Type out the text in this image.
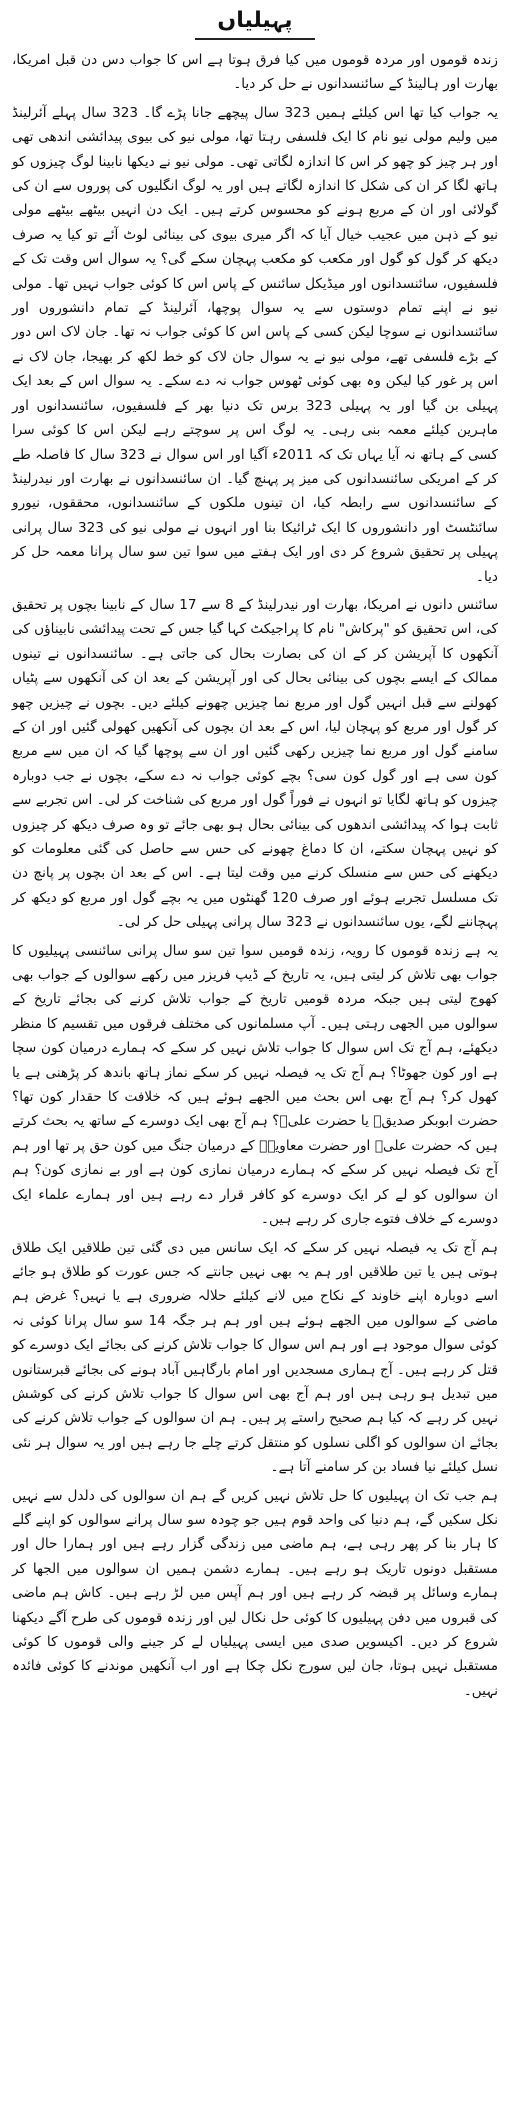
پہیلیاں

زندہ قوموں اور مردہ قوموں میں کیا فرق ہوتا ہے اس کا جواب دس دن قبل امریکا، بھارت اور ہالینڈ کے سائنسدانوں نے حل کر دیا۔

یہ جواب کیا تھا اس کیلئے ہمیں 323 سال پیچھے جانا پڑے گا۔ 323 سال پہلے آئرلینڈ میں ولیم مولی نیو نام کا ایک فلسفی رہتا تھا، مولی نیو کی بیوی پیدائشی اندھی تھی اور ہر چیز کو چھو کر اس کا اندازہ لگاتی تھی۔ مولی نیو نے دیکھا نابینا لوگ چیزوں کو ہاتھ لگا کر ان کی شکل کا اندازہ لگاتے ہیں اور یہ لوگ انگلیوں کی پوروں سے ان کی گولائی اور ان کے مربع ہونے کو محسوس کرتے ہیں۔ ایک دن انہیں بیٹھے بیٹھے مولی نیو کے ذہن میں عجیب خیال آیا کہ اگر میری بیوی کی بینائی لوٹ آئے تو کیا یہ صرف دیکھ کر گول کو گول اور مکعب کو مکعب پہچان سکے گی؟ یہ سوال اس وقت تک کے فلسفیوں، سائنسدانوں اور میڈیکل سائنس کے پاس اس کا کوئی جواب نہیں تھا۔ مولی نیو نے اپنے تمام دوستوں سے یہ سوال پوچھا، آئرلینڈ کے تمام دانشوروں اور سائنسدانوں نے سوچا لیکن کسی کے پاس اس کا کوئی جواب نہ تھا۔ جان لاک اس دور کے بڑے فلسفی تھے، مولی نیو نے یہ سوال جان لاک کو خط لکھ کر بھیجا، جان لاک نے اس پر غور کیا لیکن وہ بھی کوئی ٹھوس جواب نہ دے سکے۔ یہ سوال اس کے بعد ایک پہیلی بن گیا اور یہ پہیلی 323 برس تک دنیا بھر کے فلسفیوں، سائنسدانوں اور ماہرین کیلئے معمہ بنی رہی۔ یہ لوگ اس پر سوچتے رہے لیکن اس کا کوئی سرا کسی کے ہاتھ نہ آیا یہاں تک کہ 2011ء آگیا اور اس سوال نے 323 سال کا فاصلہ طے کر کے امریکی سائنسدانوں کی میز پر پہنچ گیا۔ ان سائنسدانوں نے بھارت اور نیدرلینڈ کے سائنسدانوں سے رابطہ کیا، ان تینوں ملکوں کے سائنسدانوں، محققوں، نیورو سائنٹسٹ اور دانشوروں کا ایک ٹرائیکا بنا اور انہوں نے مولی نیو کی 323 سال پرانی پہیلی پر تحقیق شروع کر دی اور ایک ہفتے میں سوا تین سو سال پرانا معمہ حل کر دیا۔

سائنس دانوں نے امریکا، بھارت اور نیدرلینڈ کے 8 سے 17 سال کے نابینا بچوں پر تحقیق کی، اس تحقیق کو "پرکاش" نام کا پراجیکٹ کہا گیا جس کے تحت پیدائشی نابیناؤں کی آنکھوں کا آپریشن کر کے ان کی بصارت بحال کی جاتی ہے۔ سائنسدانوں نے تینوں ممالک کے ایسے بچوں کی بینائی بحال کی اور آپریشن کے بعد ان کی آنکھوں سے پٹیاں کھولنے سے قبل انہیں گول اور مربع نما چیزیں چھونے کیلئے دیں۔ بچوں نے چیزیں چھو کر گول اور مربع کو پہچان لیا، اس کے بعد ان بچوں کی آنکھیں کھولی گئیں اور ان کے سامنے گول اور مربع نما چیزیں رکھی گئیں اور ان سے پوچھا گیا کہ ان میں سے مربع کون سی ہے اور گول کون سی؟ بچے کوئی جواب نہ دے سکے، بچوں نے جب دوبارہ چیزوں کو ہاتھ لگایا تو انہوں نے فوراً گول اور مربع کی شناخت کر لی۔ اس تجربے سے ثابت ہوا کہ پیدائشی اندھوں کی بینائی بحال ہو بھی جائے تو وہ صرف دیکھ کر چیزوں کو نہیں پہچان سکتے، ان کا دماغ چھونے کی حس سے حاصل کی گئی معلومات کو دیکھنے کی حس سے منسلک کرنے میں وقت لیتا ہے۔ اس کے بعد ان بچوں پر پانچ دن تک مسلسل تجربے ہوئے اور صرف 120 گھنٹوں میں یہ بچے گول اور مربع کو دیکھ کر پہچاننے لگے، یوں سائنسدانوں نے 323 سال پرانی پہیلی حل کر لی۔

یہ ہے زندہ قوموں کا رویہ، زندہ قومیں سوا تین سو سال پرانی سائنسی پہیلیوں کا جواب بھی تلاش کر لیتی ہیں، یہ تاریخ کے ڈیپ فریزر میں رکھے سوالوں کے جواب بھی کھوج لیتی ہیں جبکہ مردہ قومیں تاریخ کے جواب تلاش کرنے کی بجائے تاریخ کے سوالوں میں الجھی رہتی ہیں۔ آپ مسلمانوں کی مختلف فرقوں میں تقسیم کا منظر دیکھئے، ہم آج تک اس سوال کا جواب تلاش نہیں کر سکے کہ ہمارے درمیان کون سچا ہے اور کون جھوٹا؟ ہم آج تک یہ فیصلہ نہیں کر سکے نماز ہاتھ باندھ کر پڑھنی ہے یا کھول کر؟ ہم آج بھی اس بحث میں الجھے ہوئے ہیں کہ خلافت کا حقدار کون تھا؟ حضرت ابوبکر صدیقؓ یا حضرت علیؓ؟ ہم آج بھی ایک دوسرے کے ساتھ یہ بحث کرتے ہیں کہ حضرت علیؓ اور حضرت معاویہؓ کے درمیان جنگ میں کون حق پر تھا اور ہم آج تک فیصلہ نہیں کر سکے کہ ہمارے درمیان نمازی کون ہے اور بے نمازی کون؟ ہم ان سوالوں کو لے کر ایک دوسرے کو کافر قرار دے رہے ہیں اور ہمارے علماء ایک دوسرے کے خلاف فتوے جاری کر رہے ہیں۔

ہم آج تک یہ فیصلہ نہیں کر سکے کہ ایک سانس میں دی گئی تین طلاقیں ایک طلاق ہوتی ہیں یا تین طلاقیں اور ہم یہ بھی نہیں جانتے کہ جس عورت کو طلاق ہو جائے اسے دوبارہ اپنے خاوند کے نکاح میں لانے کیلئے حلالہ ضروری ہے یا نہیں؟ غرض ہم ماضی کے سوالوں میں الجھے ہوئے ہیں اور ہم ہر جگہ 14 سو سال پرانا کوئی نہ کوئی سوال موجود ہے اور ہم اس سوال کا جواب تلاش کرنے کی بجائے ایک دوسرے کو قتل کر رہے ہیں۔ آج ہماری مسجدیں اور امام بارگاہیں آباد ہونے کی بجائے قبرستانوں میں تبدیل ہو رہی ہیں اور ہم آج بھی اس سوال کا جواب تلاش کرنے کی کوشش نہیں کر رہے کہ کیا ہم صحیح راستے پر ہیں۔ ہم ان سوالوں کے جواب تلاش کرنے کی بجائے ان سوالوں کو اگلی نسلوں کو منتقل کرتے چلے جا رہے ہیں اور یہ سوال ہر نئی نسل کیلئے نیا فساد بن کر سامنے آتا ہے۔

ہم جب تک ان پہیلیوں کا حل تلاش نہیں کریں گے ہم ان سوالوں کی دلدل سے نہیں نکل سکیں گے، ہم دنیا کی واحد قوم ہیں جو چودہ سو سال پرانے سوالوں کو اپنے گلے کا ہار بنا کر پھر رہی ہے، ہم ماضی میں زندگی گزار رہے ہیں اور ہمارا حال اور مستقبل دونوں تاریک ہو رہے ہیں۔ ہمارے دشمن ہمیں ان سوالوں میں الجھا کر ہمارے وسائل پر قبضہ کر رہے ہیں اور ہم آپس میں لڑ رہے ہیں۔ کاش ہم ماضی کی قبروں میں دفن پہیلیوں کا کوئی حل نکال لیں اور زندہ قوموں کی طرح آگے دیکھنا شروع کر دیں۔ اکیسویں صدی میں ایسی پہیلیاں لے کر جینے والی قوموں کا کوئی مستقبل نہیں ہوتا، جان لیں سورج نکل چکا ہے اور اب آنکھیں موندنے کا کوئی فائدہ نہیں۔
